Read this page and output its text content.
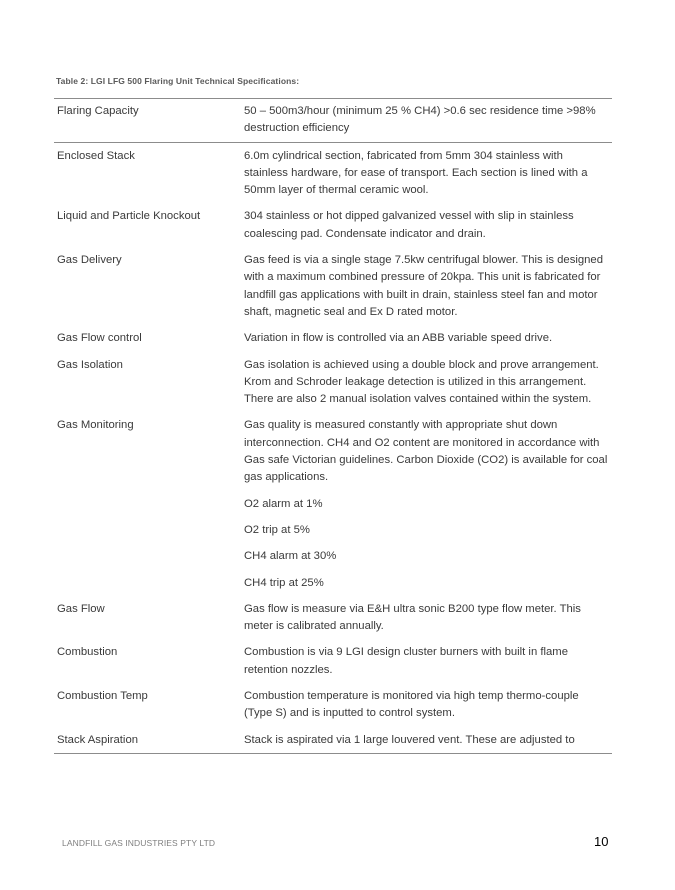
Table 2: LGI LFG 500 Flaring Unit Technical Specifications:
Flaring Capacity	50 – 500m3/hour (minimum 25 % CH4) >0.6 sec residence time >98% destruction efficiency

Enclosed Stack	6.0m cylindrical section, fabricated from 5mm 304 stainless with stainless hardware, for ease of transport. Each section is lined with a 50mm layer of thermal ceramic wool.

Liquid and Particle Knockout	304 stainless or hot dipped galvanized vessel with slip in stainless coalescing pad. Condensate indicator and drain.

Gas Delivery	Gas feed is via a single stage 7.5kw centrifugal blower. This is designed with a maximum combined pressure of 20kpa. This unit is fabricated for landfill gas applications with built in drain, stainless steel fan and motor shaft, magnetic seal and Ex D rated motor.

Gas Flow control	Variation in flow is controlled via an ABB variable speed drive.

Gas Isolation	Gas isolation is achieved using a double block and prove arrangement. Krom and Schroder leakage detection is utilized in this arrangement. There are also 2 manual isolation valves contained within the system.

Gas Monitoring	Gas quality is measured constantly with appropriate shut down interconnection. CH4 and O2 content are monitored in accordance with Gas safe Victorian guidelines. Carbon Dioxide (CO2) is available for coal gas applications.

O2 alarm at 1%

O2 trip at 5%

CH4 alarm at 30%

CH4 trip at 25%

Gas Flow	Gas flow is measure via E&H ultra sonic B200 type flow meter. This meter is calibrated annually.

Combustion	Combustion is via 9 LGI design cluster burners with built in flame retention nozzles.

Combustion Temp	Combustion temperature is monitored via high temp thermo-couple (Type S) and is inputted to control system.

Stack Aspiration	Stack is aspirated via 1 large louvered vent. These are adjusted to

LANDFILL GAS INDUSTRIES PTY LTD	10
